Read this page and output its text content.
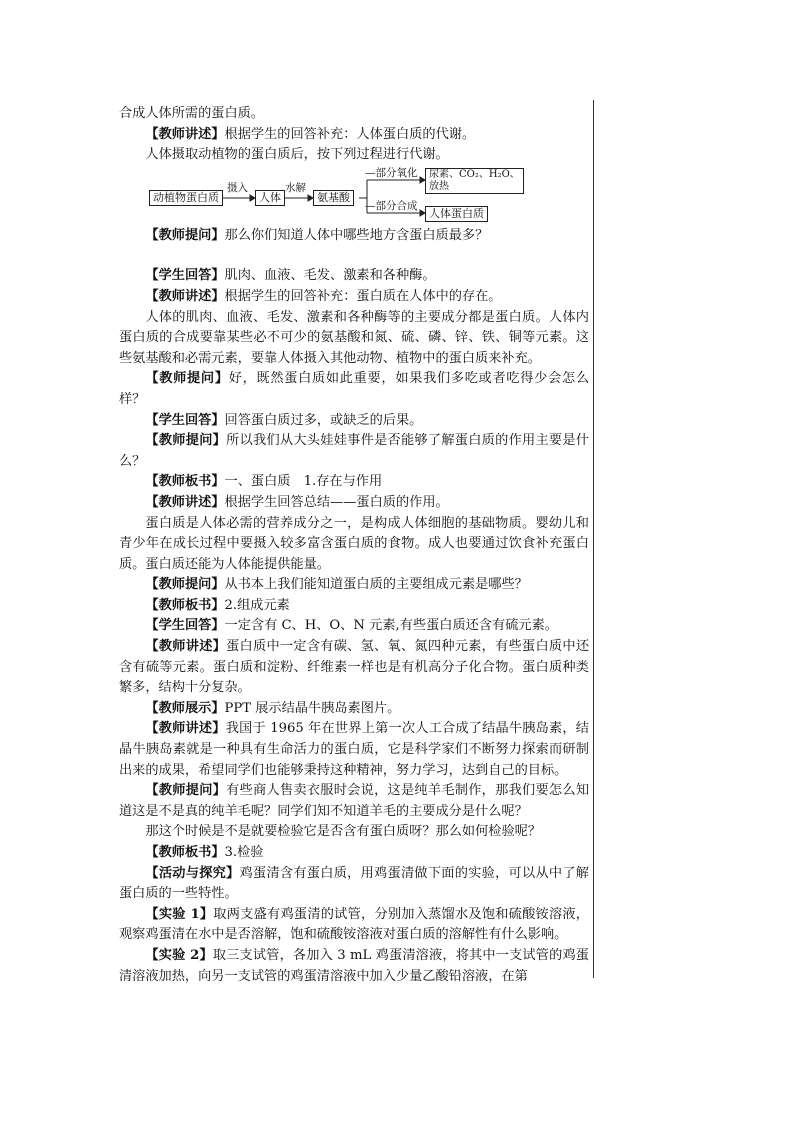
合成人体所需的蛋白质。

【教师讲述】根据学生的回答补充：人体蛋白质的代谢。

人体摄取动植物的蛋白质后，按下列过程进行代谢。

动植物蛋白质
摄入
人体
水解
氨基酸
—部分氧化 尿素、CO₂、H₂O、
放热
—部分合成
人体蛋白质

【教师提问】那么你们知道人体中哪些地方含蛋白质最多？

【学生回答】肌肉、血液、毛发、激素和各种酶。

【教师讲述】根据学生的回答补充：蛋白质在人体中的存在。

人体的肌肉、血液、毛发、激素和各种酶等的主要成分都是蛋白质。人体内蛋白质的合成要靠某些必不可少的氨基酸和氮、硫、磷、锌、铁、铜等元素。这些氨基酸和必需元素，要靠人体摄入其他动物、植物中的蛋白质来补充。

【教师提问】好，既然蛋白质如此重要，如果我们多吃或者吃得少会怎么样？

【学生回答】回答蛋白质过多，或缺乏的后果。

【教师提问】所以我们从大头娃娃事件是否能够了解蛋白质的作用主要是什么？

【教师板书】一、蛋白质　1.存在与作用

【教师讲述】根据学生回答总结——蛋白质的作用。

蛋白质是人体必需的营养成分之一，是构成人体细胞的基础物质。婴幼儿和青少年在成长过程中要摄入较多富含蛋白质的食物。成人也要通过饮食补充蛋白质。蛋白质还能为人体能提供能量。

【教师提问】从书本上我们能知道蛋白质的主要组成元素是哪些？

【教师板书】2.组成元素

【学生回答】一定含有 C、H、O、N 元素,有些蛋白质还含有硫元素。

【教师讲述】蛋白质中一定含有碳、氢、氧、氮四种元素，有些蛋白质中还含有硫等元素。蛋白质和淀粉、纤维素一样也是有机高分子化合物。蛋白质种类繁多，结构十分复杂。

【教师展示】PPT 展示结晶牛胰岛素图片。

【教师讲述】我国于 1965 年在世界上第一次人工合成了结晶牛胰岛素，结晶牛胰岛素就是一种具有生命活力的蛋白质，它是科学家们不断努力探索而研制出来的成果，希望同学们也能够秉持这种精神，努力学习，达到自己的目标。

【教师提问】有些商人售卖衣服时会说，这是纯羊毛制作，那我们要怎么知道这是不是真的纯羊毛呢？同学们知不知道羊毛的主要成分是什么呢？

那这个时候是不是就要检验它是否含有蛋白质呀？那么如何检验呢？

【教师板书】3.检验

【活动与探究】鸡蛋清含有蛋白质，用鸡蛋清做下面的实验，可以从中了解蛋白质的一些特性。

【实验 1】取两支盛有鸡蛋清的试管，分别加入蒸馏水及饱和硫酸铵溶液，观察鸡蛋清在水中是否溶解，饱和硫酸铵溶液对蛋白质的溶解性有什么影响。

【实验 2】取三支试管，各加入 3 mL 鸡蛋清溶液，将其中一支试管的鸡蛋清溶液加热，向另一支试管的鸡蛋清溶液中加入少量乙酸铅溶液，在第
